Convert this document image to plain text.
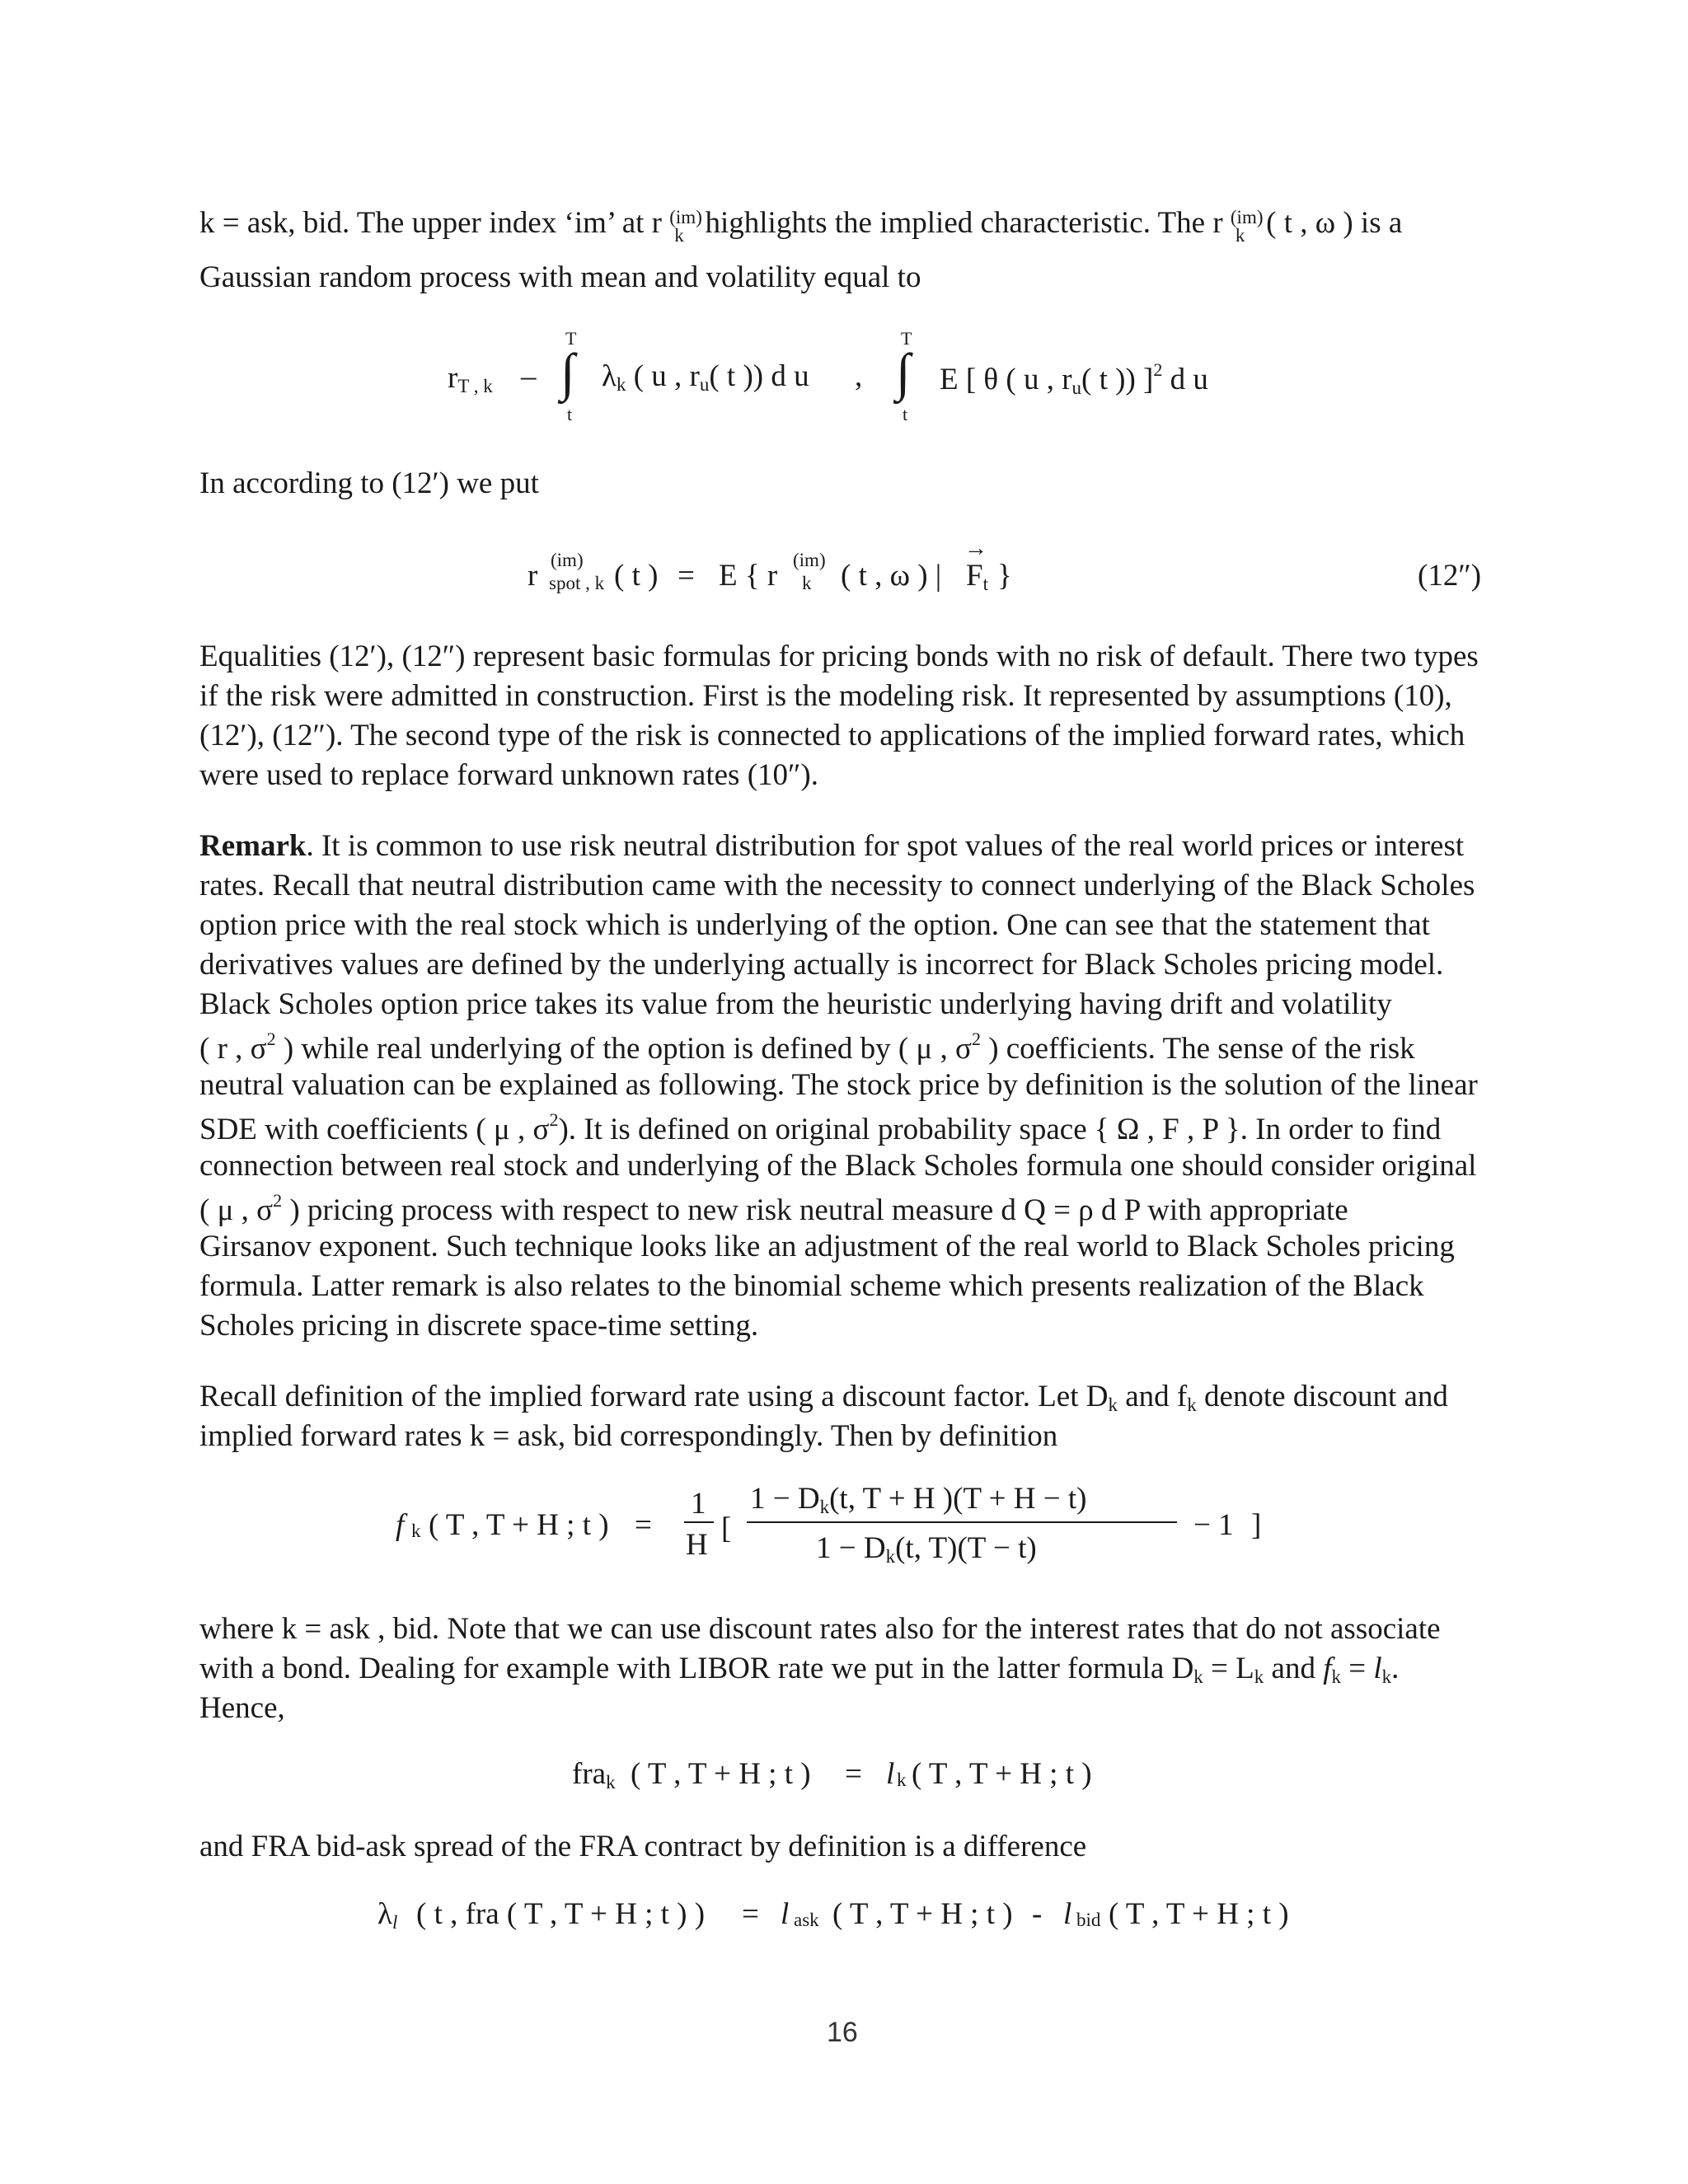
k = ask, bid. The upper index ‘im’ at r (im)
k highlights the implied characteristic. The r (im)
k ( t , ω ) is a
Gaussian random process with mean and volatility equal to
$r_{T , k}$ –
T
∫
t
$\lambda_k$ ( u , $r_u$( t )) d u ,
T
∫
t
E [ θ ( u , $r_u$( t )) ]$^2$ d u
In according to (12′) we put
r (im)
spot , k ( t ) = E { r (im)
k ( t , ω ) |
→
$F_t$ }	(12″)
Equalities (12′), (12″) represent basic formulas for pricing bonds with no risk of default. There two types
if the risk were admitted in construction. First is the modeling risk. It represented by assumptions (10),
(12′), (12″). The second type of the risk is connected to applications of the implied forward rates, which
were used to replace forward unknown rates (10″).
Remark. It is common to use risk neutral distribution for spot values of the real world prices or interest
rates. Recall that neutral distribution came with the necessity to connect underlying of the Black Scholes
option price with the real stock which is underlying of the option. One can see that the statement that
derivatives values are defined by the underlying actually is incorrect for Black Scholes pricing model.
Black Scholes option price takes its value from the heuristic underlying having drift and volatility
( r , $\sigma^2$ ) while real underlying of the option is defined by ( μ , $\sigma^2$ ) coefficients. The sense of the risk
neutral valuation can be explained as following. The stock price by definition is the solution of the linear
SDE with coefficients ( μ , $\sigma^2$). It is defined on original probability space { Ω , F , P }. In order to find
connection between real stock and underlying of the Black Scholes formula one should consider original
( μ , $\sigma^2$ ) pricing process with respect to new risk neutral measure d Q = ρ d P with appropriate
Girsanov exponent. Such technique looks like an adjustment of the real world to Black Scholes pricing
formula. Latter remark is also relates to the binomial scheme which presents realization of the Black
Scholes pricing in discrete space-time setting.
Recall definition of the implied forward rate using a discount factor. Let $D_k$ and $f_k$ denote discount and
implied forward rates k = ask, bid correspondingly. Then by definition
f k ( T , T + H ; t ) =
1
H [
$1 - D_k(t$, T + H )(T + H − t)
$1 - D_k(t$, T)(T − t)
− 1 ]
where k = ask , bid. Note that we can use discount rates also for the interest rates that do not associate
with a bond. Dealing for example with LIBOR rate we put in the latter formula $D_k = L_k$ and $f_k = l_k$.
Hence,
fra$_k$ ( T , T + H ; t ) = l k ( T , T + H ; t )
and FRA bid-ask spread of the FRA contract by definition is a difference
$\lambda_l$ ( t , fra ( T , T + H ; t ) ) = l ask ( T , T + H ; t ) - l bid ( T , T + H ; t )
16
